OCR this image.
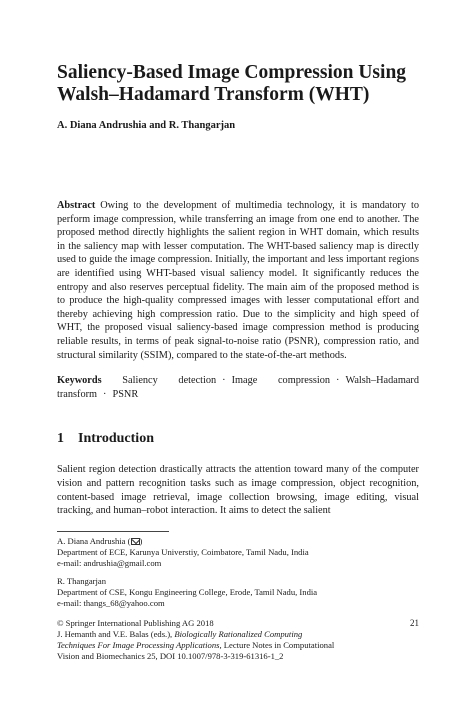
Saliency-Based Image Compression Using
Walsh–Hadamard Transform (WHT)
A. Diana Andrushia and R. Thangarjan
Abstract Owing to the development of multimedia technology, it is mandatory to perform image compression, while transferring an image from one end to another. The proposed method directly highlights the salient region in WHT domain, which results in the saliency map with lesser computation. The WHT-based saliency map is directly used to guide the image compression. Initially, the important and less important regions are identified using WHT-based visual saliency model. It significantly reduces the entropy and also reserves perceptual fidelity. The main aim of the proposed method is to produce the high-quality compressed images with lesser computational effort and thereby achieving high compression ratio. Due to the simplicity and high speed of WHT, the proposed visual saliency-based image compression method is producing reliable results, in terms of peak signal-to-noise ratio (PSNR), compression ratio, and structural similarity (SSIM), compared to the state-of-the-art methods.
Keywords Saliency detection · Image compression · Walsh–Hadamard transform · PSNR
1 Introduction
Salient region detection drastically attracts the attention toward many of the computer vision and pattern recognition tasks such as image compression, object recognition, content-based image retrieval, image collection browsing, image editing, visual tracking, and human–robot interaction. It aims to detect the salient
A. Diana Andrushia ( )
Department of ECE, Karunya Universtiy, Coimbatore, Tamil Nadu, India
e-mail: andrushia@gmail.com
R. Thangarjan
Department of CSE, Kongu Engineering College, Erode, Tamil Nadu, India
e-mail: thangs_68@yahoo.com
21
© Springer International Publishing AG 2018
J. Hemanth and V.E. Balas (eds.), Biologically Rationalized Computing
Techniques For Image Processing Applications, Lecture Notes in Computational
Vision and Biomechanics 25, DOI 10.1007/978-3-319-61316-1_2
